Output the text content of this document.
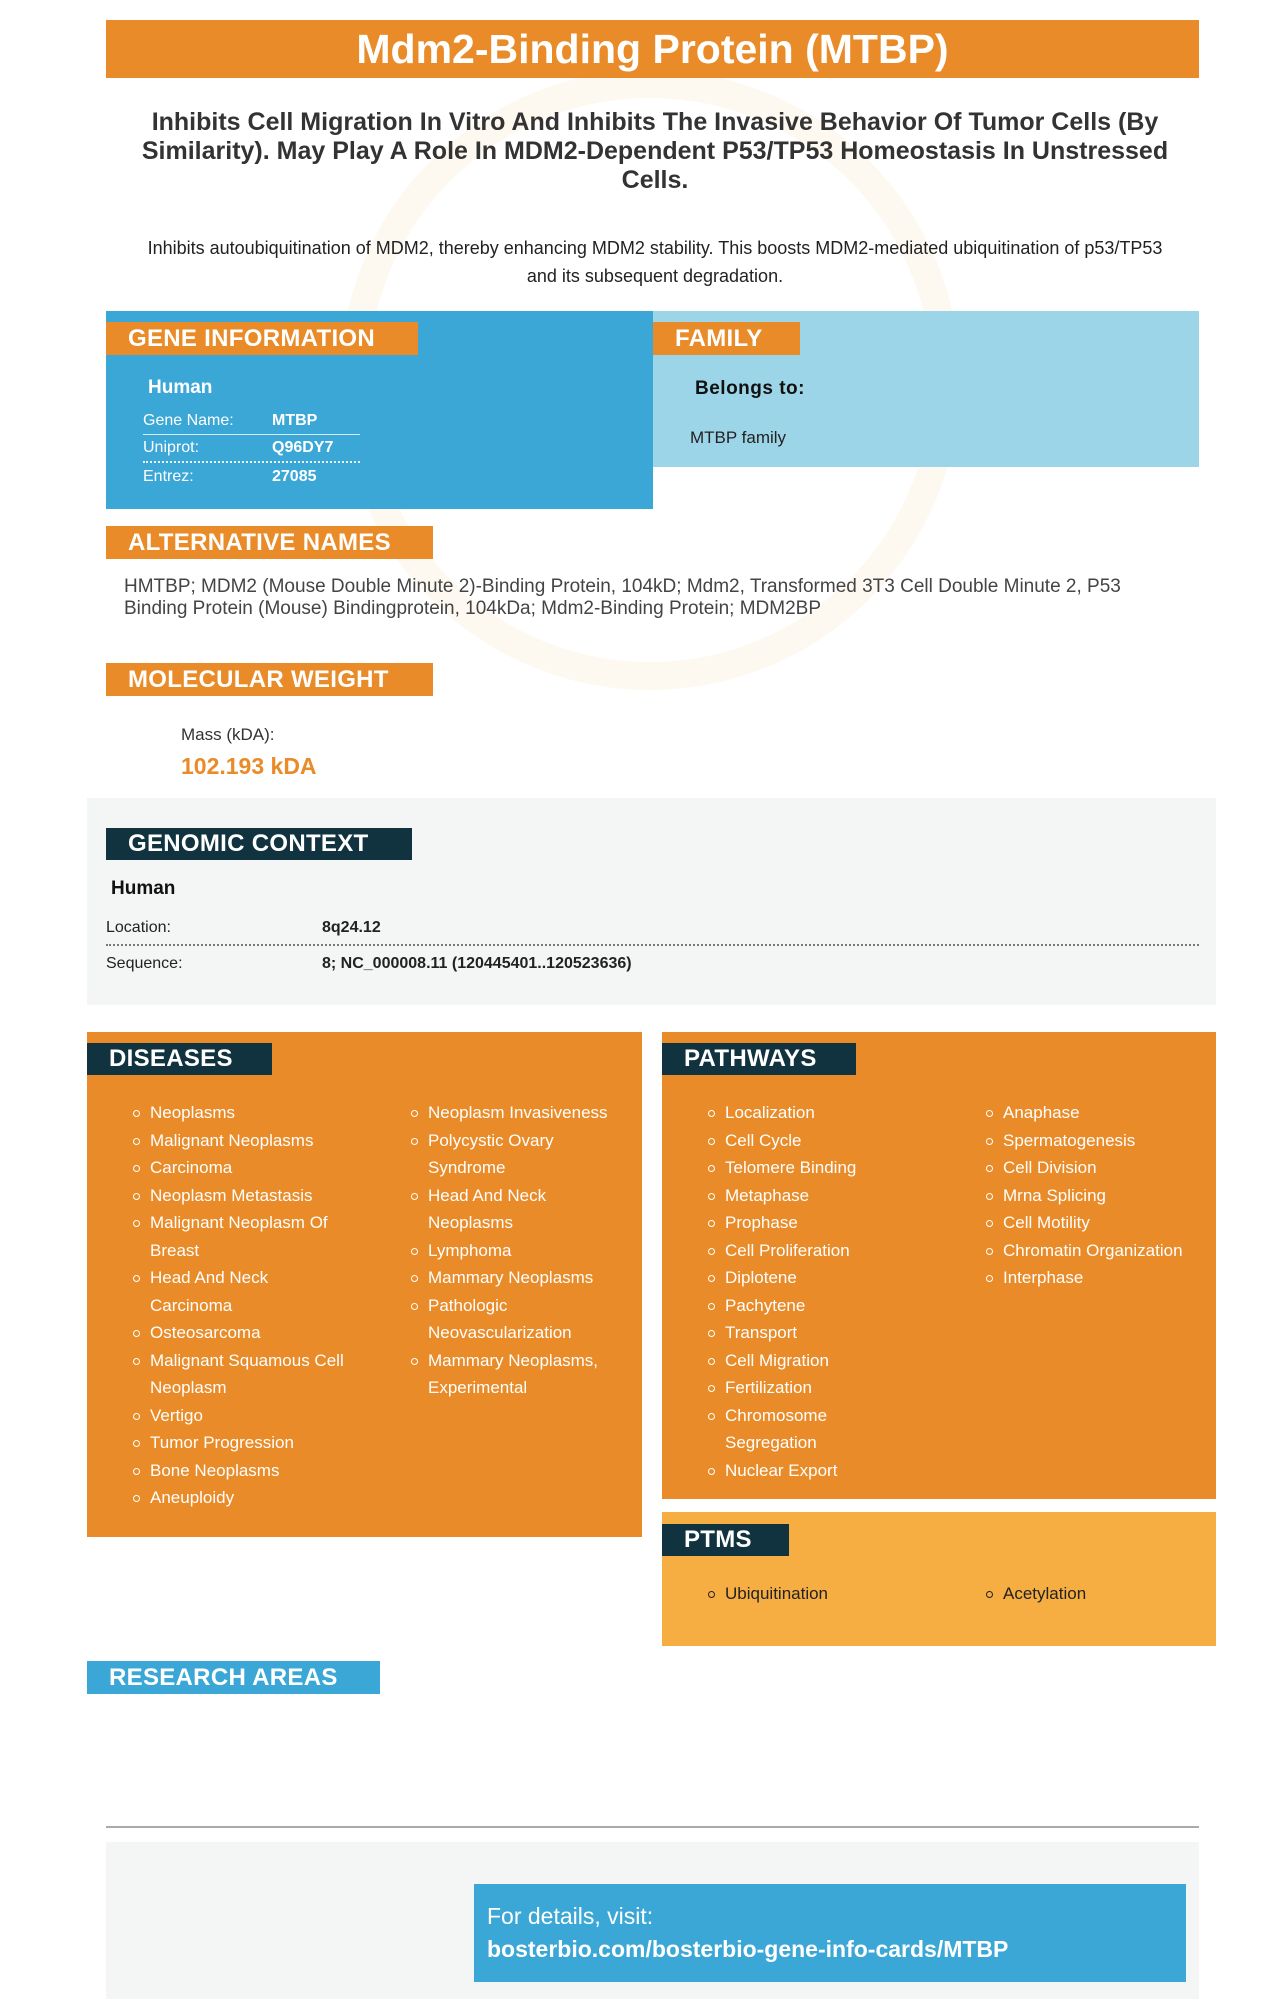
Mdm2-Binding Protein (MTBP)
Inhibits Cell Migration In Vitro And Inhibits The Invasive Behavior Of Tumor Cells (By Similarity). May Play A Role In MDM2-Dependent P53/TP53 Homeostasis In Unstressed Cells.
Inhibits autoubiquitination of MDM2, thereby enhancing MDM2 stability. This boosts MDM2-mediated ubiquitination of p53/TP53 and its subsequent degradation.
GENE INFORMATION
Human
Gene Name:	MTBP
Uniprot:	Q96DY7
Entrez:	27085
FAMILY
Belongs to:
MTBP family
ALTERNATIVE NAMES
HMTBP; MDM2 (Mouse Double Minute 2)-Binding Protein, 104kD; Mdm2, Transformed 3T3 Cell Double Minute 2, P53 Binding Protein (Mouse) Bindingprotein, 104kDa; Mdm2-Binding Protein; MDM2BP
MOLECULAR WEIGHT
Mass (kDA):
102.193 kDA
GENOMIC CONTEXT
Human
Location:	8q24.12
Sequence:	8; NC_000008.11 (120445401..120523636)
DISEASES
Neoplasms
Malignant Neoplasms
Carcinoma
Neoplasm Metastasis
Malignant Neoplasm Of Breast
Head And Neck Carcinoma
Osteosarcoma
Malignant Squamous Cell Neoplasm
Vertigo
Tumor Progression
Bone Neoplasms
Aneuploidy
Neoplasm Invasiveness
Polycystic Ovary Syndrome
Head And Neck Neoplasms
Lymphoma
Mammary Neoplasms
Pathologic Neovascularization
Mammary Neoplasms, Experimental
PATHWAYS
Localization
Cell Cycle
Telomere Binding
Metaphase
Prophase
Cell Proliferation
Diplotene
Pachytene
Transport
Cell Migration
Fertilization
Chromosome Segregation
Nuclear Export
Anaphase
Spermatogenesis
Cell Division
Mrna Splicing
Cell Motility
Chromatin Organization
Interphase
PTMS
Ubiquitination	Acetylation
RESEARCH AREAS
Cancer
DNA Repair
For details, visit:
bosterbio.com/bosterbio-gene-info-cards/MTBP
